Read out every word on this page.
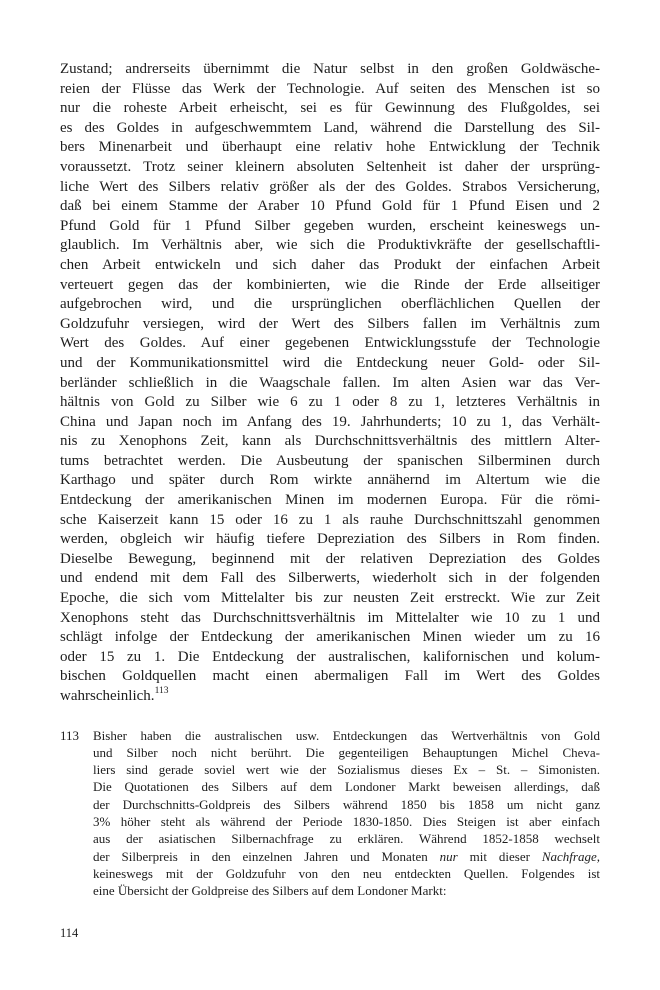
Zustand; andrerseits übernimmt die Natur selbst in den großen Goldwäsche-
reien der Flüsse das Werk der Technologie. Auf seiten des Menschen ist so
nur die roheste Arbeit erheischt, sei es für Gewinnung des Flußgoldes, sei
es des Goldes in aufgeschwemmtem Land, während die Darstellung des Sil-
bers Minenarbeit und überhaupt eine relativ hohe Entwicklung der Technik
voraussetzt. Trotz seiner kleinern absoluten Seltenheit ist daher der ursprüng-
liche Wert des Silbers relativ größer als der des Goldes. Strabos Versicherung,
daß bei einem Stamme der Araber 10 Pfund Gold für 1 Pfund Eisen und 2
Pfund Gold für 1 Pfund Silber gegeben wurden, erscheint keineswegs un-
glaublich. Im Verhältnis aber, wie sich die Produktivkräfte der gesellschaftli-
chen Arbeit entwickeln und sich daher das Produkt der einfachen Arbeit
verteuert gegen das der kombinierten, wie die Rinde der Erde allseitiger
aufgebrochen wird, und die ursprünglichen oberflächlichen Quellen der
Goldzufuhr versiegen, wird der Wert des Silbers fallen im Verhältnis zum
Wert des Goldes. Auf einer gegebenen Entwicklungsstufe der Technologie
und der Kommunikationsmittel wird die Entdeckung neuer Gold- oder Sil-
berländer schließlich in die Waagschale fallen. Im alten Asien war das Ver-
hältnis von Gold zu Silber wie 6 zu 1 oder 8 zu 1, letzteres Verhältnis in
China und Japan noch im Anfang des 19. Jahrhunderts; 10 zu 1, das Verhält-
nis zu Xenophons Zeit, kann als Durchschnittsverhältnis des mittlern Alter-
tums betrachtet werden. Die Ausbeutung der spanischen Silberminen durch
Karthago und später durch Rom wirkte annähernd im Altertum wie die
Entdeckung der amerikanischen Minen im modernen Europa. Für die römi-
sche Kaiserzeit kann 15 oder 16 zu 1 als rauhe Durchschnittszahl genommen
werden, obgleich wir häufig tiefere Depreziation des Silbers in Rom finden.
Dieselbe Bewegung, beginnend mit der relativen Depreziation des Goldes
und endend mit dem Fall des Silberwerts, wiederholt sich in der folgenden
Epoche, die sich vom Mittelalter bis zur neusten Zeit erstreckt. Wie zur Zeit
Xenophons steht das Durchschnittsverhältnis im Mittelalter wie 10 zu 1 und
schlägt infolge der Entdeckung der amerikanischen Minen wieder um zu 16
oder 15 zu 1. Die Entdeckung der australischen, kalifornischen und kolum-
bischen Goldquellen macht einen abermaligen Fall im Wert des Goldes
wahrscheinlich.$^{113}$
113 Bisher haben die australischen usw. Entdeckungen das Wertverhältnis von Gold
und Silber noch nicht berührt. Die gegenteiligen Behauptungen Michel Cheva-
liers sind gerade soviel wert wie der Sozialismus dieses Ex – St. – Simonisten.
Die Quotationen des Silbers auf dem Londoner Markt beweisen allerdings, daß
der Durchschnitts-Goldpreis des Silbers während 1850 bis 1858 um nicht ganz
3% höher steht als während der Periode 1830-1850. Dies Steigen ist aber einfach
aus der asiatischen Silbernachfrage zu erklären. Während 1852-1858 wechselt
der Silberpreis in den einzelnen Jahren und Monaten nur mit dieser Nachfrage,
keineswegs mit der Goldzufuhr von den neu entdeckten Quellen. Folgendes ist
eine Übersicht der Goldpreise des Silbers auf dem Londoner Markt:
114
